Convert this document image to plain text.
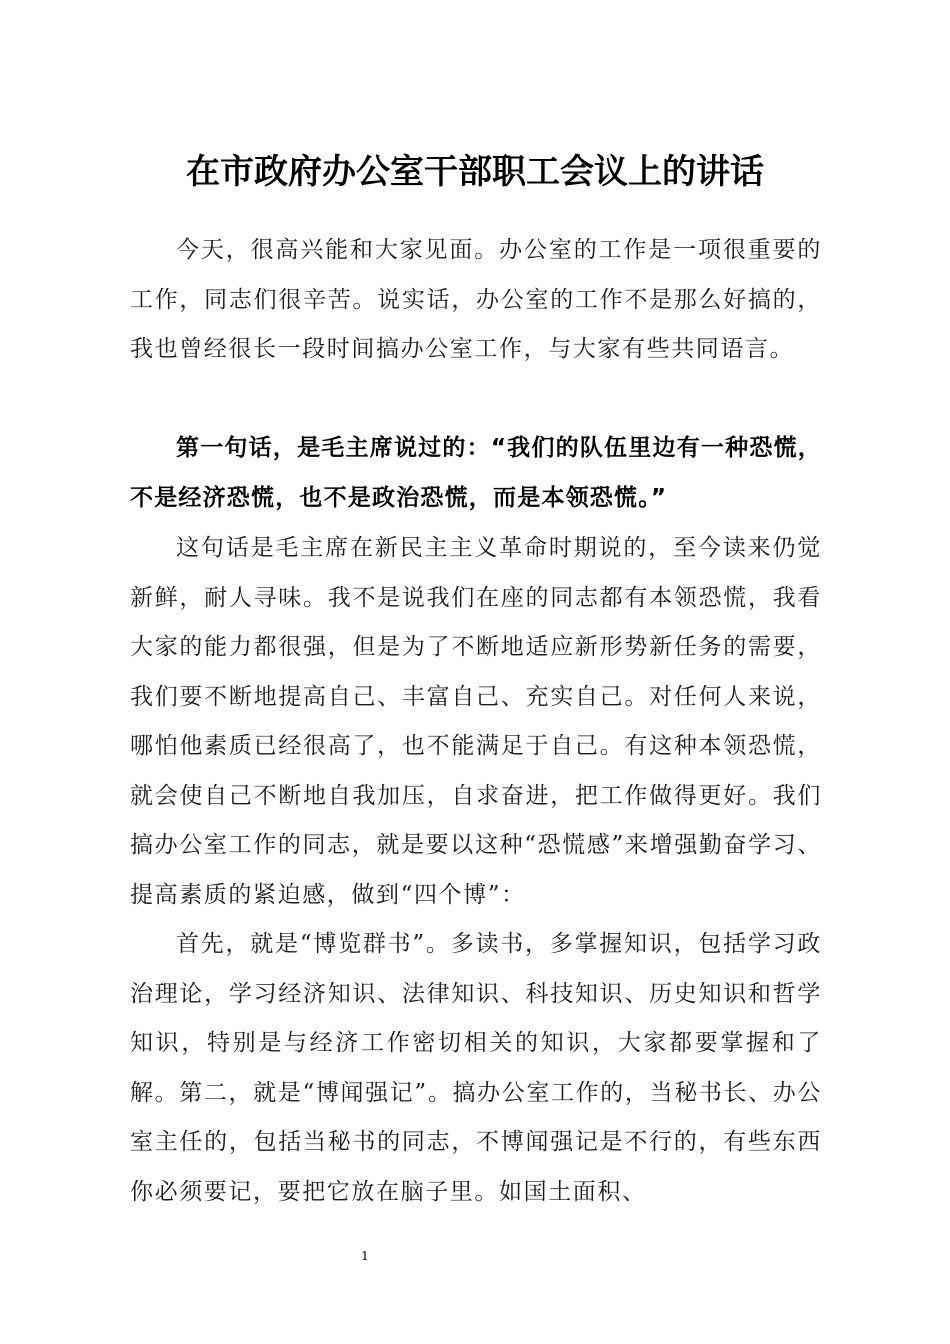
在市政府办公室干部职工会议上的讲话

今天，很高兴能和大家见面。办公室的工作是一项很重要的工作，同志们很辛苦。说实话，办公室的工作不是那么好搞的，我也曾经很长一段时间搞办公室工作，与大家有些共同语言。

第一句话，是毛主席说过的：“我们的队伍里边有一种恐慌，不是经济恐慌，也不是政治恐慌，而是本领恐慌。”

这句话是毛主席在新民主主义革命时期说的，至今读来仍觉新鲜，耐人寻味。我不是说我们在座的同志都有本领恐慌，我看大家的能力都很强，但是为了不断地适应新形势新任务的需要，我们要不断地提高自己、丰富自己、充实自己。对任何人来说，哪怕他素质已经很高了，也不能满足于自己。有这种本领恐慌，就会使自己不断地自我加压，自求奋进，把工作做得更好。我们搞办公室工作的同志，就是要以这种“恐慌感”来增强勤奋学习、提高素质的紧迫感，做到“四个博”：

首先，就是“博览群书”。多读书，多掌握知识，包括学习政治理论，学习经济知识、法律知识、科技知识、历史知识和哲学知识，特别是与经济工作密切相关的知识，大家都要掌握和了解。第二，就是“博闻强记”。搞办公室工作的，当秘书长、办公室主任的，包括当秘书的同志，不博闻强记是不行的，有些东西你必须要记，要把它放在脑子里。如国土面积、

1
